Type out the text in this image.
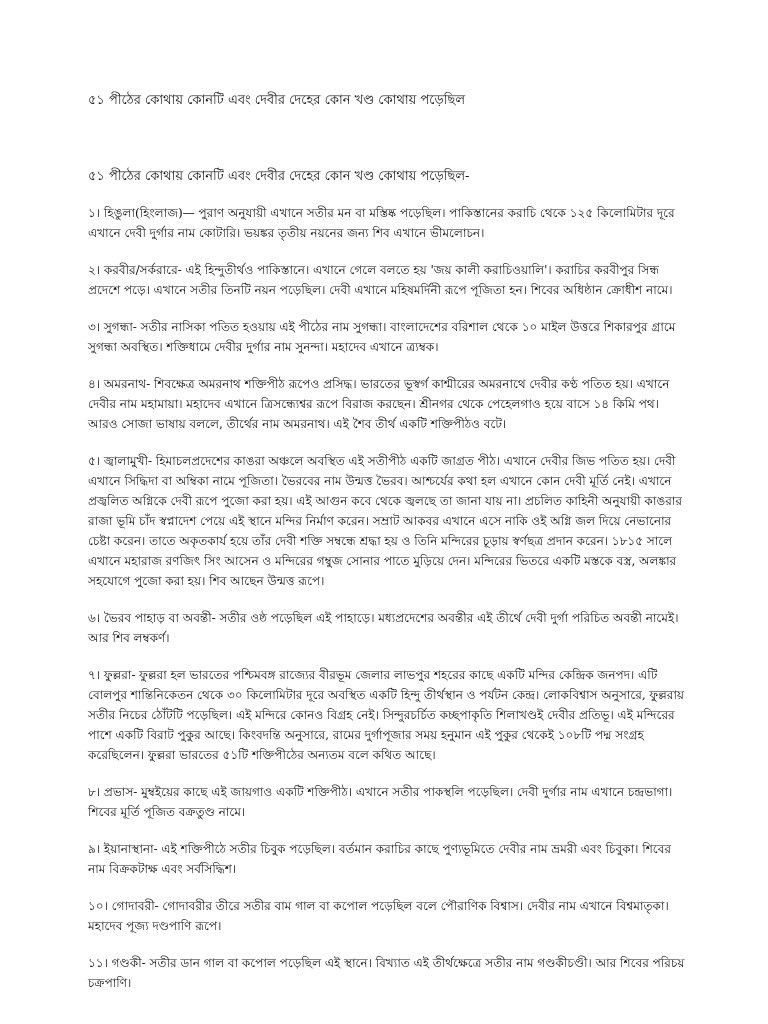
৫১ পীঠের কোথায় কোনটি এবং দেবীর দেহের কোন খণ্ড কোথায় পড়েছিল

৫১ পীঠের কোথায় কোনটি এবং দেবীর দেহের কোন খণ্ড কোথায় পড়েছিল-

১। হিঙুলা(হিংলাজ)— পুরাণ অনুযায়ী এখানে সতীর মন বা মস্তিষ্ক পড়েছিল। পাকিস্তানের করাচি থেকে ১২৫ কিলোমিটার দূরে এখানে দেবী দুর্গার নাম কোটারি। ভয়ঙ্কর তৃতীয় নয়নের জন্য শিব এখানে ভীমলোচন।

২। করবীর/সর্করারে- এই হিন্দুতীর্থও পাকিস্তানে। এখানে গেলে বলতে হয় 'জয় কালী করাচিওয়ালি'। করাচির করবীপুর সিন্ধ প্রদেশে পড়ে। এখানে সতীর তিনটি নয়ন পড়েছিল। দেবী এখানে মহিষমর্দিনী রূপে পূজিতা হন। শিবের অধিষ্ঠান ক্রোধীশ নামে।

৩। সুগন্ধা- সতীর নাসিকা পতিত হওয়ায় এই পীঠের নাম সুগন্ধা। বাংলাদেশের বরিশাল থেকে ১০ মাইল উত্তরে শিকারপুর গ্রামে সুগন্ধা অবস্থিত। শক্তিধামে দেবীর দুর্গার নাম সুনন্দা। মহাদেব এখানে ত্র্যম্বক।

৪। অমরনাথ- শিবক্ষেত্র অমরনাথ শক্তিপীঠ রূপেও প্রসিদ্ধ। ভারতের ভূস্বর্গ কাশ্মীরের অমরনাথে দেবীর কণ্ঠ পতিত হয়। এখানে দেবীর নাম মহামায়া। মহাদেব এখানে ত্রিসন্ধ্যেশ্বর রূপে বিরাজ করছেন। শ্রীনগর থেকে পেহেলগাও হয়ে বাসে ১৪ কিমি পথ। আরও সোজা ভাষায় বললে, তীর্থের নাম অমরনাথ। এই শৈব তীর্থ একটি শক্তিপীঠও বটে।

৫। জ্বালামুখী- হিমাচলপ্রদেশের কাঙরা অঞ্চলে অবস্থিত এই সতীপীঠ একটি জাগ্রত পীঠ। এখানে দেবীর জিভ পতিত হয়। দেবী এখানে সিদ্ধিদা বা অম্বিকা নামে পূজিতা। ভৈরবের নাম উন্মত্ত ভৈরব। আশ্চর্যের কথা হল এখানে কোন দেবী মূর্তি নেই। এখানে প্রজ্বলিত অগ্নিকে দেবী রূপে পুজো করা হয়। এই আগুন কবে থেকে জ্বলছে তা জানা যায় না। প্রচলিত কাহিনী অনুযায়ী কাঙরার রাজা ভূমি চাঁদ স্বপ্নাদেশ পেয়ে এই স্থানে মন্দির নির্মাণ করেন। সম্রাট আকবর এখানে এসে নাকি ওই অগ্নি জল দিয়ে নেভানোর চেষ্টা করেন। তাতে অকৃতকার্য হয়ে তাঁর দেবী শক্তি সম্বন্ধে শ্রদ্ধা হয় ও তিনি মন্দিরের চূড়ায় স্বর্ণছত্র প্রদান করেন। ১৮১৫ সালে এখানে মহারাজ রণজিৎ সিং আসেন ও মন্দিরের গম্বুজ সোনার পাতে মুড়িয়ে দেন। মন্দিরের ভিতরে একটি মস্তকে বস্ত্র, অলঙ্কার সহযোগে পুজো করা হয়। শিব আছেন উন্মত্ত রূপে।

৬। ভৈরব পাহাড় বা অবন্তী- সতীর ওষ্ঠ পড়েছিল এই পাহাড়ে। মধ্যপ্রদেশের অবন্তীর এই তীর্থে দেবী দুর্গা পরিচিত অবন্তী নামেই। আর শিব লম্বকর্ণ।

৭। ফুল্লরা- ফুল্লরা হল ভারতের পশ্চিমবঙ্গ রাজ্যের বীরভূম জেলার লাভপুর শহরের কাছে একটি মন্দির কেন্দ্রিক জনপদ। এটি বোলপুর শান্তিনিকেতন থেকে ৩০ কিলোমিটার দূরে অবস্থিত একটি হিন্দু তীর্থস্থান ও পর্যটন কেন্দ্র। লোকবিশ্বাস অনুসারে, ফুল্লরায় সতীর নিচের ঠোঁটটি পড়েছিল। এই মন্দিরে কোনও বিগ্রহ নেই। সিন্দুরচর্চিত কচ্ছপাকৃতি শিলাখণ্ডই দেবীর প্রতিভূ। এই মন্দিরের পাশে একটি বিরাট পুকুর আছে। কিংবদন্তি অনুসারে, রামের দুর্গাপূজার সময় হনুমান এই পুকুর থেকেই ১০৮টি পদ্ম সংগ্রহ করেছিলেন। ফুল্লরা ভারতের ৫১টি শক্তিপীঠের অন্যতম বলে কথিত আছে।

৮। প্রভাস- মুম্বইয়ের কাছে এই জায়গাও একটি শক্তিপীঠ। এখানে সতীর পাকস্থলি পড়েছিল। দেবী দুর্গার নাম এখানে চন্দ্রভাগা। শিবের মূর্তি পূজিত বক্রতুণ্ড নামে।

৯। ইয়ানাস্থানা- এই শক্তিপীঠে সতীর চিবুক পড়েছিল। বর্তমান করাচির কাছে পুণ্যভূমিতে দেবীর নাম ভ্রমরী এবং চিবুকা। শিবের নাম বিক্রকটাক্ষ এবং সর্বসিদ্ধিশ।

১০। গোদাবরী- গোদাবরীর তীরে সতীর বাম গাল বা কপোল পড়েছিল বলে পৌরাণিক বিশ্বাস। দেবীর নাম এখানে বিশ্বমাতৃকা। মহাদেব পূজ্য দণ্ডপাণি রূপে।

১১। গণ্ডকী- সতীর ডান গাল বা কপোল পড়েছিল এই স্থানে। বিখ্যাত এই তীর্থক্ষেত্রে সতীর নাম গণ্ডকীচণ্ডী। আর শিবের পরিচয় চক্রপাণি।
